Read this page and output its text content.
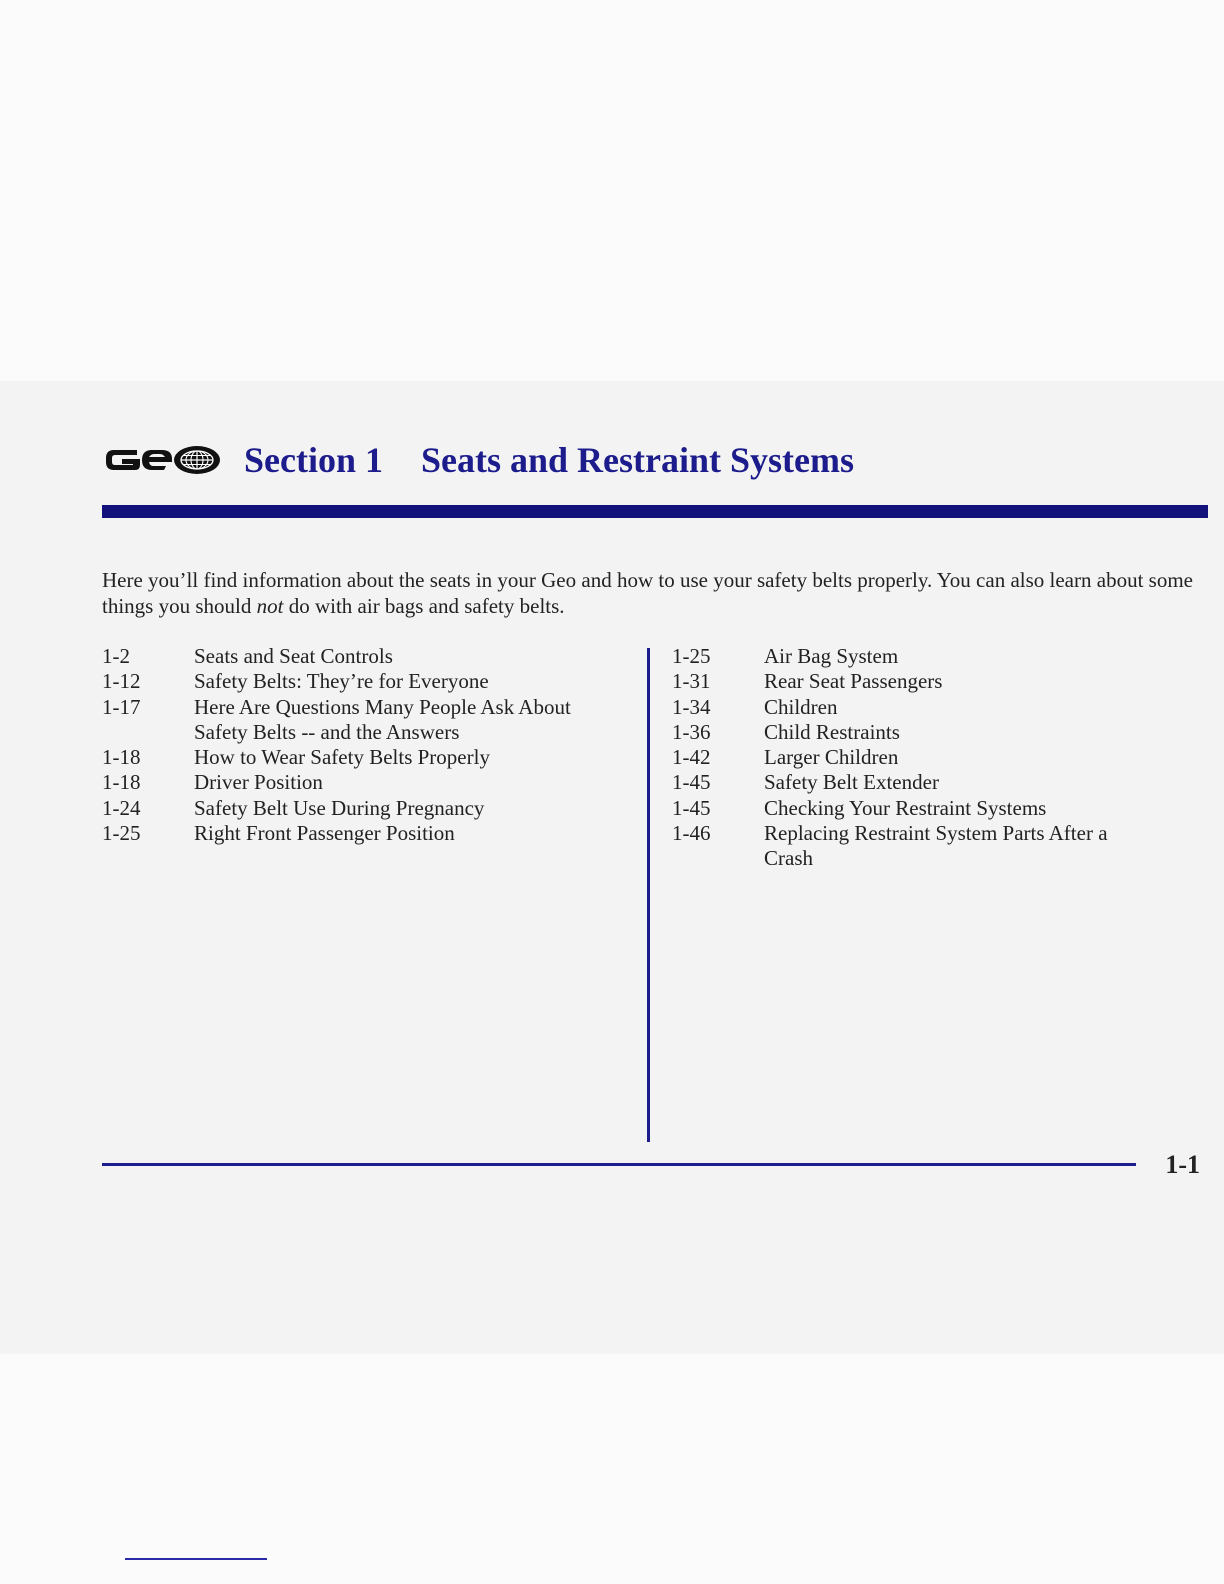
Section 1 Seats and Restraint Systems

Here you’ll find information about the seats in your Geo and how to use your safety belts properly. You can also learn about some things you should not do with air bags and safety belts.

1-2	Seats and Seat Controls
1-12	Safety Belts: They’re for Everyone
1-17	Here Are Questions Many People Ask About Safety Belts -- and the Answers
1-18	How to Wear Safety Belts Properly
1-18	Driver Position
1-24	Safety Belt Use During Pregnancy
1-25	Right Front Passenger Position
1-25	Air Bag System
1-31	Rear Seat Passengers
1-34	Children
1-36	Child Restraints
1-42	Larger Children
1-45	Safety Belt Extender
1-45	Checking Your Restraint Systems
1-46	Replacing Restraint System Parts After a Crash
1-1
